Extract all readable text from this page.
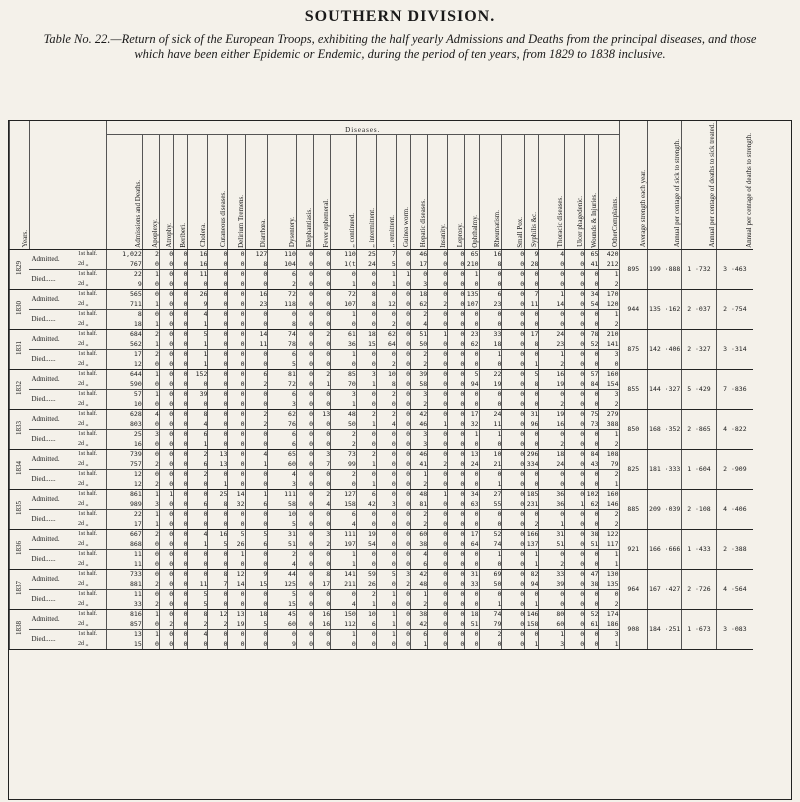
SOUTHERN DIVISION.
Table No. 22.—Return of sick of the European Troops, exhibiting the half yearly Admissions and Deaths from the principal diseases, and those which have been either Epidemic or Endemic, during the period of ten years, from 1829 to 1838 inclusive.
Years.			Diseases.																										Average strength each year.	Annual per centage of sick to strength.	Annual per centage of deaths to sick treated.	Annual per centage of deaths to strength.
			Admissions and Deaths.	Apoplexy.	Atrophy.	Beriberi.	Cholera.	Cutaneous diseases.	Delirium Tremens.	Diarrhœa.	Dysentery.	Elephantiasis.	Fever ephemeral.	,, continued.	,, intermittent.	,, remittent.	Guinea worm.	Hepatic diseases.	Insanity.	Leprosy.	Ophthalmy.	Rheumatism.	Small Pox.	Syphilis &c.	Thoracic diseases.	Ulcer phagedenic.	Wounds & Injuries.	OtherComplaints.				
1829	Admitted.	1st half.	1,022	2	0	0	16	0	0	127	110	0	0	110	25	7	0	46	0	0	65	16	0	9	4	0	65	420	895	199 ·888	1 ·732	3 ·463
		2d ,,	767	0	0	0	16	0	0	8	104	0	0	1(t	24	5	0	17	0	0	210	8	0	28	0	0	41	212				
	Died......	1st half.	22	1	0	0	11	0	0	0	6	0	0	0	0	1	1	0	0	0	1	0	0	0	0	0	0	1				
		2d ,,	9	0	0	0	0	0	0	0	2	0	0	1	0	1	0	3	0	0	0	0	0	0	0	0	0	2				
1830	Admitted.	1st half.	565	0	0	0	26	0	0	16	72	0	0	72	8	0	0	18	0	0	135	6	0	7	1	0	34	170	944	135 ·162	2 ·037	2 ·754
		2d ,,	711	1	0	0	9	0	0	23	118	0	0	107	8	12	0	62	2	0	107	23	0	11	14	0	54	120				
	Died......	1st half.	8	0	0	0	4	0	0	0	0	0	0	1	0	0	0	2	0	0	0	0	0	0	0	0	0	1				
		2d ,,	18	1	0	0	1	0	0	0	8	0	0	0	0	2	0	4	0	0	0	0	0	0	0	0	0	2				
1831	Admitted.	1st half.	684	2	0	0	5	0	0	14	74	0	2	61	18	62	0	51	1	0	23	33	0	17	24	0	78	210	875	142 ·406	2 ·327	3 ·314
		2d ,,	562	1	0	0	1	0	0	11	78	0	0	36	15	64	0	50	0	0	62	18	0	8	23	0	52	141				
	Died......	1st half.	17	2	0	0	1	0	0	0	6	0	0	1	0	0	0	2	0	0	0	1	0	0	1	0	0	3				
		2d ,,	12	0	0	0	1	0	0	0	5	0	0	0	0	2	0	2	0	0	0	0	0	1	2	0	0	0				
1832	Admitted.	1st half.	644	1	0	0	152	0	0	6	81	0	2	85	3	10	0	39	0	0	5	22	0	5	16	0	57	160	855	144 ·327	5 ·429	7 ·836
		2d ,,	590	0	0	0	0	0	0	2	72	0	1	70	1	8	0	58	0	0	94	19	0	8	19	0	84	154				
	Died......	1st half.	57	1	0	0	39	0	0	0	6	0	0	3	0	2	0	3	0	0	0	0	0	0	0	0	0	3				
		2d ,,	10	0	0	0	0	0	0	0	3	0	0	1	0	0	0	2	0	0	0	0	0	0	2	0	0	2				
1833	Admitted.	1st half.	628	4	0	0	8	0	0	2	62	0	13	48	2	2	0	42	0	0	17	24	0	31	19	0	75	279	850	168 ·352	2 ·865	4 ·822
		2d ,,	803	0	0	0	4	0	0	2	76	0	0	50	1	4	0	46	1	0	32	11	0	96	16	0	73	388				
	Died......	1st half.	25	3	0	0	6	0	0	0	6	0	0	2	0	0	0	3	0	0	1	1	0	0	0	0	0	1				
		2d ,,	16	0	0	0	1	0	0	0	6	0	0	2	0	0	0	3	0	0	0	0	0	0	2	0	0	2				
1834	Admitted.	1st half.	739	0	0	0	2	13	0	4	65	0	3	73	2	0	0	46	0	0	13	10	0	296	18	0	84	108	825	181 ·333	1 ·604	2 ·909
		2d ,,	757	2	0	0	6	13	0	1	60	0	7	99	1	0	0	41	2	0	24	21	0	334	24	0	43	79				
	Died......	1st half.	12	0	0	0	2	0	0	0	4	0	0	2	0	0	0	1	0	0	0	0	0	0	0	0	0	2				
		2d ,,	12	2	0	0	0	1	0	0	3	0	0	0	1	0	0	2	0	0	0	1	0	0	0	0	0	1				
1835	Admitted.	1st half.	861	1	1	0	0	25	14	1	111	0	2	127	6	0	0	48	1	0	34	27	0	185	36	0	102	160	885	209 ·039	2 ·108	4 ·406
		2d ,,	989	3	0	0	6	8	32	6	58	0	4	158	42	3	0	81	0	0	63	55	0	231	36	1	62	146				
	Died......	1st half.	22	1	0	0	0	0	0	0	10	0	0	6	0	0	0	2	0	0	0	0	0	0	0	0	0	2				
		2d ,,	17	1	0	0	0	0	0	0	5	0	0	4	0	0	0	2	0	0	0	0	0	2	1	0	0	2				
1836	Admitted.	1st half.	667	2	0	0	4	16	5	5	31	0	3	111	19	0	0	60	0	0	17	52	0	166	31	0	38	122	921	166 ·666	1 ·433	2 ·388
		2d ,,	868	0	0	0	1	5	26	6	51	0	2	197	54	0	0	38	0	0	64	74	0	137	51	0	51	117				
	Died......	1st half.	11	0	0	0	0	0	1	0	2	0	0	1	0	0	0	4	0	0	0	1	0	1	0	0	0	1				
		2d ,,	11	0	0	0	0	0	0	0	4	0	0	1	0	0	0	6	0	0	0	0	0	1	2	0	0	1				
1837	Admitted.	1st half.	733	0	0	0	0	8	12	9	44	0	8	141	59	5	3	42	0	0	31	69	0	82	33	0	47	130	964	167 ·427	2 ·726	4 ·564
		2d ,,	881	2	0	0	11	7	14	15	125	0	17	211	26	0	2	48	0	0	33	50	0	94	39	0	38	135				
	Died......	1st half.	11	0	0	0	5	0	0	0	5	0	0	0	2	1	0	1	0	0	0	0	0	0	0	0	0	0				
		2d ,,	33	2	0	0	5	0	0	0	15	0	0	4	1	0	0	2	0	0	0	1	0	1	0	0	0	2				
1838	Admitted.	1st half.	816	1	0	0	8	12	13	18	45	0	16	150	10	1	0	38	0	0	18	74	0	146	80	0	52	174	908	184 ·251	1 ·673	3 ·083
		2d ,,	857	0	2	0	2	2	19	5	60	0	16	112	6	1	0	42	0	0	51	79	0	158	60	0	61	186				
	Died......	1st half.	13	1	0	0	4	0	0	0	0	0	0	1	0	1	0	6	0	0	0	2	0	0	1	0	0	3				
		2d ,,	15	0	0	0	0	0	0	0	9	0	0	0	0	0	0	1	0	0	0	0	0	1	3	0	0	1				
